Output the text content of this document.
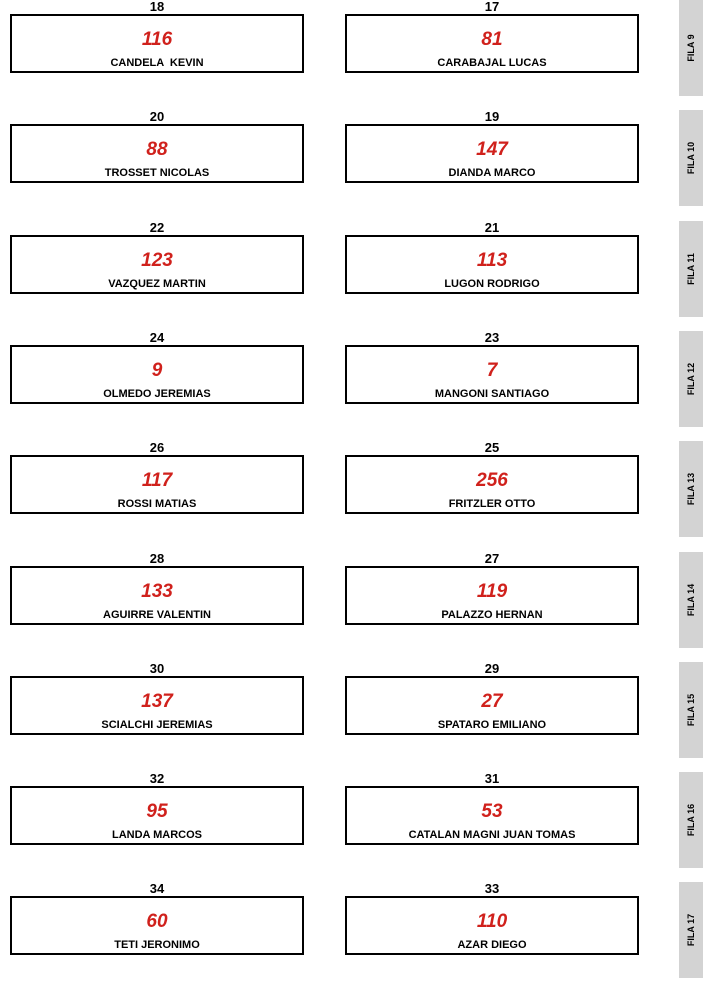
18
116
CANDELA  KEVIN
17
81
CARABAJAL LUCAS
FILA 9
20
88
TROSSET NICOLAS
19
147
DIANDA MARCO	FILA 10
22
123
VAZQUEZ MARTIN
21
113
LUGON RODRIGO	FILA 11
24
9
OLMEDO JEREMIAS
23
7
MANGONI SANTIAGO	FILA 12
26
117
ROSSI MATIAS
25
256
FRITZLER OTTO	FILA 13
28
133
AGUIRRE VALENTIN
27
119
PALAZZO HERNAN	FILA 14
30
137
SCIALCHI JEREMIAS
29
27
SPATARO EMILIANO	FILA 15
32
95
LANDA MARCOS
31
53
CATALAN MAGNI JUAN TOMAS	FILA 16
34
60
TETI JERONIMO
33
110
AZAR DIEGO	FILA 17
